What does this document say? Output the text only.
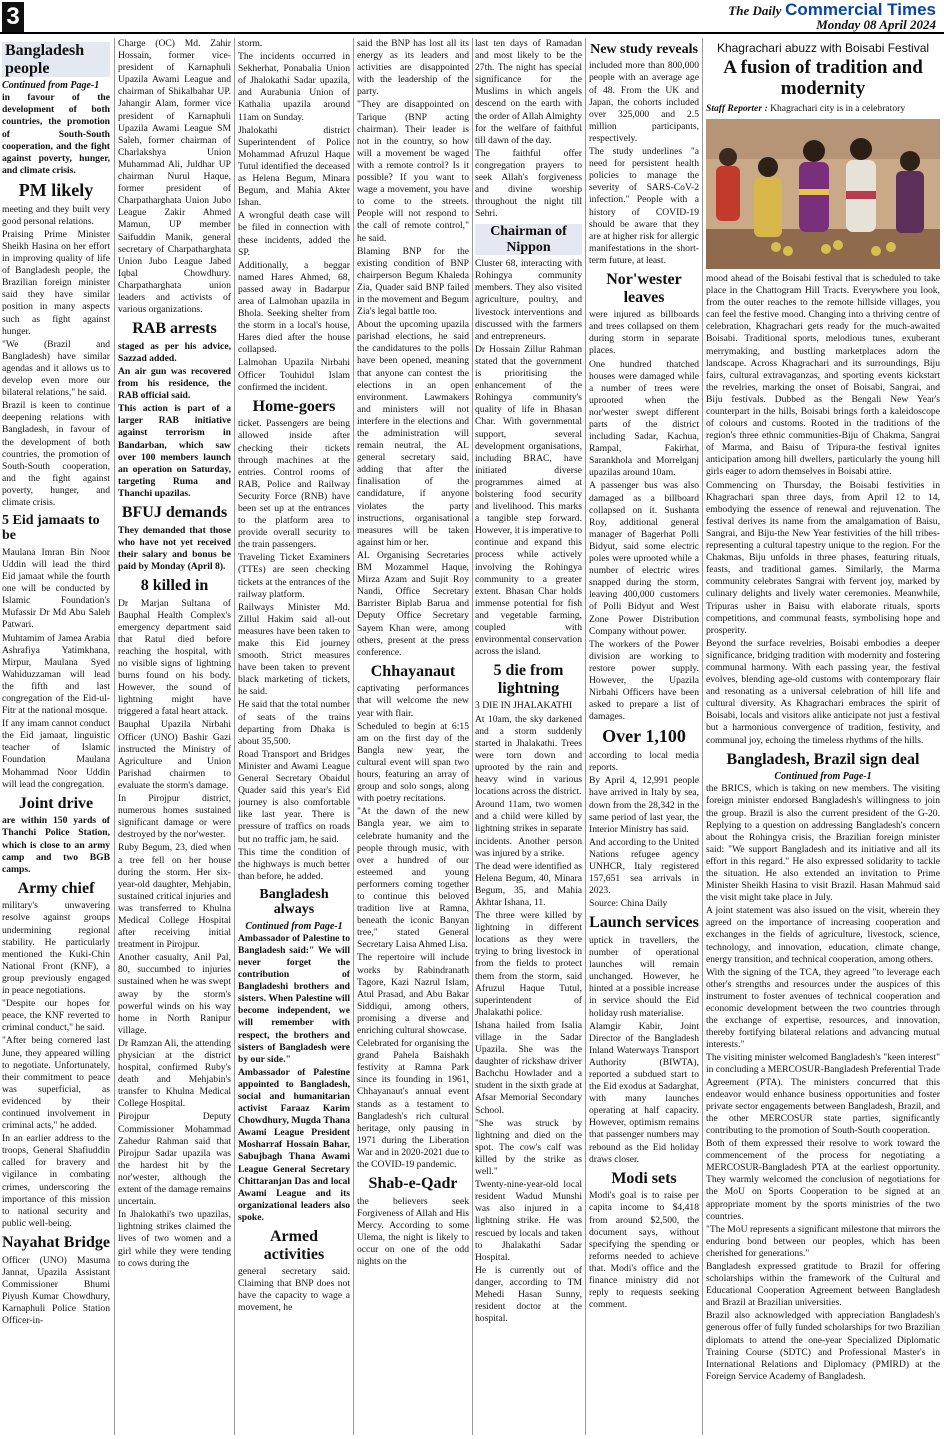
3	The Daily Commercial Times
Monday 08 April 2024
Bangladesh people
Continued from Page-1

in favour of the development of both countries, the promotion of South-South cooperation, and the fight against poverty, hunger, and climate crisis.

PM likely

meeting and they built very good personal relations.

Praising Prime Minister Sheikh Hasina on her effort in improving quality of life of Bangladesh people, the Brazilian foreign minister said they have similar position in many aspects such as fight against hunger.

"We (Brazil and Bangladesh) have similar agendas and it allows us to develop even more our bilateral relations," he said.

Brazil is keen to continue deepening relations with Bangladesh, in favour of the development of both countries, the promotion of South-South cooperation, and the fight against poverty, hunger, and climate crisis.

5 Eid jamaats to be

Maulana Imran Bin Noor Uddin will lead the third Eid jamaat while the fourth one will be conducted by Islamic Foundation's Mufassir Dr Md Abu Saleh Patwari.

Muhtamim of Jamea Arabia Ashrafiya Yatimkhana, Mirpur, Maulana Syed Wahiduzzaman will lead the fifth and last congregation of the Eid-ul-Fitr at the national mosque.

If any imam cannot conduct the Eid jamaat, linguistic teacher of Islamic Foundation Maulana Mohammad Noor Uddin will lead the congregation.

Joint drive

are within 150 yards of Thanchi Police Station, which is close to an army camp and two BGB camps.

Army chief

military's unwavering resolve against groups undermining regional stability. He particularly mentioned the Kuki-Chin National Front (KNF), a group previously engaged in peace negotiations.

"Despite our hopes for peace, the KNF reverted to criminal conduct," he said.

"After being cornered last June, they appeared willing to negotiate. Unfortunately, their commitment to peace was superficial, as evidenced by their continued involvement in criminal acts," he added.

In an earlier address to the troops, General Shafiuddin called for bravery and vigilance in combating crimes, underscoring the importance of this mission to national security and public well-being.

Nayahat Bridge

Officer (UNO) Masuma Jannat, Upazila Assistant Commissioner Bhumi Piyush Kumar Chowdhury, Karnaphuli Police Station Officer-in-

Charge (OC) Md. Zahir Hossain, former vice-president of Karnaphuli Upazila Awami League and chairman of Shikalbahar UP. Jahangir Alam, former vice president of Karnaphuli Upazila Awami League SM Saleh, former chairman of Charlakshya Union Muhammad Ali, Juldhar UP chairman Nurul Haque, former president of Charpatharghata Union Jubo League Zakir Ahmed Mamun, UP member Saifuddin Manik, general secretary of Charpatharghata Union Jubo League Jabed Iqbal Chowdhury. Charpatharghata union leaders and activists of various organizations.

RAB arrests

staged as per his advice, Sazzad added.

An air gun was recovered from his residence, the RAB official said.

This action is part of a larger RAB initiative against terrorism in Bandarban, which saw over 100 members launch an operation on Saturday, targeting Ruma and Thanchi upazilas.

BFUJ demands

They demanded that those who have not yet received their salary and bonus be paid by Monday (April 8).

8 killed in

Dr Marjan Sultana of Bauphal Health Complex's emergency department said that Ratul died before reaching the hospital, with no visible signs of lightning burns found on his body. However, the sound of lightning might have triggered a fatal heart attack.

Bauphal Upazila Nirbahi Officer (UNO) Bashir Gazi instructed the Ministry of Agriculture and Union Parishad chairmen to evaluate the storm's damage.

In Pirojpur district, numerous homes sustained significant damage or were destroyed by the nor'wester.

Ruby Begum, 23, died when a tree fell on her house during the storm. Her six-year-old daughter, Mehjabin, sustained critical injuries and was transferred to Khulna Medical College Hospital after receiving initial treatment in Pirojpur.

Another casualty, Anil Pal, 80, succumbed to injuries sustained when he was swept away by the storm's powerful winds on his way home in North Ranipur village.

Dr Ramzan Ali, the attending physician at the district hospital, confirmed Ruby's death and Mehjabin's transfer to Khulna Medical College Hospital.

Pirojpur Deputy Commissioner Mohammad Zahedur Rahman said that Pirojpur Sadar upazila was the hardest hit by the nor'wester, although the extent of the damage remains uncertain.

In Jhalokathi's two upazilas, lightning strikes claimed the lives of two women and a girl while they were tending to cows during the

storm.

The incidents occurred in Sekherhat, Ponabalia Union of Jhalokathi Sadar upazila, and Aurabunia Union of Kathalia upazila around 11am on Sunday.

Jhalokathi district Superintendent of Police Mohammad Afruzul Haque Tutul identified the deceased as Helena Begum, Minara Begum, and Mahia Akter Ishan.

A wrongful death case will be filed in connection with these incidents, added the SP.

Additionally, a beggar named Hares Ahmed, 68, passed away in Badarpur area of Lalmohan upazila in Bhola. Seeking shelter from the storm in a local's house, Hares died after the house collapsed.

Lalmohan Upazila Nirbahi Officer Touhidul Islam confirmed the incident.

Home-goers

ticket. Passengers are being allowed inside after checking their tickets through machines at the entries. Control rooms of RAB, Police and Railway Security Force (RNB) have been set up at the entrances to the platform area to provide overall security to the train passengers.

Traveling Ticket Examiners (TTEs) are seen checking tickets at the entrances of the railway platform.

Railways Minister Md. Zillul Hakim said all-out measures have been taken to make this Eid journey smooth. Strict measures have been taken to prevent black marketing of tickets, he said.

He said that the total number of seats of the trains departing from Dhaka is about 35,500.

Road Transport and Bridges Minister and Awami League General Secretary Obaidul Quader said this year's Eid journey is also comfortable like last year. There is pressure of traffics on roads but no traffic jam, he said.

This time the condition of the highways is much better than before, he added.

Bangladesh always
Continued from Page-1

Ambassador of Palestine to Bangladesh said:" We will never forget the contribution of Bangladeshi brothers and sisters. When Palestine will become independent, we will remember with respect, the brothers and sisters of Bangladesh were by our side."

Ambassador of Palestine appointed to Bangladesh, social and humanitarian activist Faraaz Karim Chowdhury, Mugda Thana Awami League President Mosharraf Hossain Bahar, Sabujbagh Thana Awami League General Secretary Chittaranjan Das and local Awami League and its organizational leaders also spoke.

Armed activities

general secretary said. Claiming that BNP does not have the capacity to wage a movement, he

said the BNP has lost all its energy as its leaders and activities are disappointed with the leadership of the party.

"They are disappointed on Tarique (BNP acting chairman). Their leader is not in the country, so how will a movement be waged with a remote control? Is it possible? If you want to wage a movement, you have to come to the streets. People will not respond to the call of remote control," he said.

Blaming BNP for the existing condition of BNP chairperson Begum Khaleda Zia, Quader said BNP failed in the movement and Begum Zia's legal battle too.

About the upcoming upazila parishad elections, he said the candidatures to the polls have been opened, meaning that anyone can contest the elections in an open environment. Lawmakers and ministers will not interfere in the elections and the administration will remain neutral, the AL general secretary said, adding that after the finalisation of the candidature, if anyone violates the party instructions, organisational measures will be taken against him or her.

AL Organising Secretaries BM Mozammel Haque, Mirza Azam and Sujit Roy Nandi, Office Secretary Barrister Biplab Barua and Deputy Office Secretary Sayem Khan were, among others, present at the press conference.

Chhayanaut

captivating performances that will welcome the new year with flair.

Scheduled to begin at 6:15 am on the first day of the Bangla new year, the cultural event will span two hours, featuring an array of group and solo songs, along with poetry recitations.

"At the dawn of the new Bangla year, we aim to celebrate humanity and the people through music, with over a hundred of our esteemed and young performers coming together to continue this beloved tradition live at Ramna, beneath the iconic Banyan tree," stated General Secretary Laisa Ahmed Lisa.

The repertoire will include works by Rabindranath Tagore, Kazi Nazrul Islam, Atul Prasad, and Abu Bakar Siddiqui, among others, promising a diverse and enriching cultural showcase.

Celebrated for organising the grand Pahela Baishakh festivity at Ramna Park since its founding in 1961, Chhayanaut's annual event stands as a testament to Bangladesh's rich cultural heritage, only pausing in 1971 during the Liberation War and in 2020-2021 due to the COVID-19 pandemic.

Shab-e-Qadr

the believers seek Forgiveness of Allah and His Mercy. According to some Ulema, the night is likely to occur on one of the odd nights on the

last ten days of Ramadan and most likely to be the 27th. The night has special significance for the Muslims in which angels descend on the earth with the order of Allah Almighty for the welfare of faithful till dawn of the day.

The faithful offer congregation prayers to seek Allah's forgiveness and divine worship throughout the night till Sehri.

Chairman of Nippon

Cluster 68, interacting with Rohingya community members. They also visited agriculture, poultry, and livestock interventions and discussed with the farmers and entrepreneurs.

Dr Hossain Zillur Rahman stated that the government is prioritising the enhancement of the Rohingya community's quality of life in Bhasan Char. With governmental support, several development organisations, including BRAC, have initiated diverse programmes aimed at bolstering food security and livelihood. This marks a tangible step forward. However, it is imperative to continue and expand this process while actively involving the Rohingya community to a greater extent. Bhasan Char holds immense potential for fish and vegetable farming, coupled with environmental conservation across the island.

5 die from lightning

3 DIE IN JHALAKATHI

At 10am, the sky darkened and a storm suddenly started in Jhalakathi. Trees were torn down and uprooted by the rain and heavy wind in various locations across the district.

Around 11am, two women and a child were killed by lightning strikes in separate incidents. Another person was injured by a strike.

The dead were identified as Helena Begum, 40, Minara Begum, 35, and Mahia Akhtar Ishana, 11.

The three were killed by lightning in different locations as they were trying to bring livestock in from the fields to protect them from the storm, said Afruzul Haque Tutul, superintendent of Jhalakathi police.

Ishana hailed from Isalia village in the Sadar Upazila. She was the daughter of rickshaw driver Bachchu Howlader and a student in the sixth grade at Afsar Memorial Secondary School.

"She was struck by lightning and died on the spot. The cow's calf was killed by the strike as well."

Twenty-nine-year-old local resident Wadud Munshi was also injured in a lightning strike. He was rescued by locals and taken to Jhalakathi Sadar Hospital.

He is currently out of danger, according to TM Mehedi Hasan Sunny, resident doctor at the hospital.

New study reveals

included more than 800,000 people with an average age of 48. From the UK and Japan, the cohorts included over 325,000 and 2.5 million participants, respectively.

The study underlines "a need for persistent health policies to manage the severity of SARS-CoV-2 infection." People with a history of COVID-19 should be aware that they are at higher risk for allergic manifestations in the short-term future, at least.

Nor'wester leaves

were injured as billboards and trees collapsed on them during storm in separate places.

One hundred thatched houses were damaged while a number of trees were uprooted when the nor'wester swept different parts of the district including Sadar, Kachua, Rampal, Fakirhat, Sarankhola and Morrelganj upazilas around 10am.

A passenger bus was also damaged as a billboard collapsed on it. Sushanta Roy, additional general manager of Bagerhat Polli Bidyut, said some electric poles were uprooted while a number of electric wires snapped during the storm, leaving 400,000 customers of Polli Bidyut and West Zone Power Distribution Company without power.

The workers of the Power division are working to restore power supply. However, the Upazila Nirbahi Officers have been asked to prepare a list of damages.

Over 1,100

according to local media reports.

By April 4, 12,991 people have arrived in Italy by sea, down from the 28,342 in the same period of last year, the Interior Ministry has said.

And according to the United Nations refugee agency UNHCR, Italy registered 157,651 sea arrivals in 2023.

Source: China Daily

Launch services

uptick in travellers, the number of operational launches will remain unchanged. However, he hinted at a possible increase in service should the Eid holiday rush materialise.

Alamgir Kabir, Joint Director of the Bangladesh Inland Waterways Transport Authority (BIWTA), reported a subdued start to the Eid exodus at Sadarghat, with many launches operating at half capacity. However, optimism remains that passenger numbers may rebound as the Eid holiday draws closer.

Modi sets

Modi's goal is to raise per capita income to $4,418 from around $2,500, the document says, without specifying the spending or reforms needed to achieve that. Modi's office and the finance ministry did not reply to requests seeking comment.

Khagrachari abuzz with Boisabi Festival
A fusion of tradition and modernity

Staff Reporter : Khagrachari city is in a celebratory

mood ahead of the Boisabi festival that is scheduled to take place in the Chattogram Hill Tracts. Everywhere you look, from the outer reaches to the remote hillside villages, you can feel the festive mood. Changing into a thriving centre of celebration, Khagrachari gets ready for the much-awaited Boisabi. Traditional sports, melodious tunes, exuberant merrymaking, and bustling marketplaces adorn the landscape. Across Khagrachari and its surroundings, Biju fairs, cultural extravaganzas, and sporting events kickstart the revelries, marking the onset of Boisabi, Sangrai, and Biju festivals. Dubbed as the Bengali New Year's counterpart in the hills, Boisabi brings forth a kaleidoscope of colours and customs. Rooted in the traditions of the region's three ethnic communities-Biju of Chakma, Sangrai of Marma, and Baisu of Tripura-the festival ignites anticipation among hill dwellers, particularly the young hill girls eager to adorn themselves in Boisabi attire.

Commencing on Thursday, the Boisabi festivities in Khagrachari span three days, from April 12 to 14, embodying the essence of renewal and rejuvenation. The festival derives its name from the amalgamation of Baisu, Sangrai, and Biju-the New Year festivities of the hill tribes-representing a cultural tapestry unique to the region. For the Chakmas, Biju unfolds in three phases, featuring rituals, feasts, and traditional games. Similarly, the Marma community celebrates Sangrai with fervent joy, marked by culinary delights and lively water ceremonies. Meanwhile, Tripuras usher in Baisu with elaborate rituals, sports competitions, and communal feasts, symbolising hope and prosperity.

Beyond the surface revelries, Boisabi embodies a deeper significance, bridging tradition with modernity and fostering communal harmony. With each passing year, the festival evolves, blending age-old customs with contemporary flair and resonating as a universal celebration of hill life and cultural diversity. As Khagrachari embraces the spirit of Boisabi, locals and visitors alike anticipate not just a festival but a harmonious convergence of tradition, festivity, and communal joy, echoing the timeless rhythms of the hills.

Bangladesh, Brazil sign deal
Continued from Page-1

the BRICS, which is taking on new members. The visiting foreign minister endorsed Bangladesh's willingness to join the group. Brazil is also the current president of the G-20. Replying to a question on addressing Bangladesh's concern about the Rohingya crisis, the Brazilian foreign minister said: "We support Bangladesh and its initiative and all its effort in this regard." He also expressed solidarity to tackle the situation. He also extended an invitation to Prime Minister Sheikh Hasina to visit Brazil. Hasan Mahmud said the visit might take place in July.

A joint statement was also issued on the visit, wherein they agreed on the importance of increasing cooperation and exchanges in the fields of agriculture, livestock, science, technology, and innovation, education, climate change, energy transition, and technical cooperation, among others.

With the signing of the TCA, they agreed "to leverage each other's strengths and resources under the auspices of this instrument to foster avenues of technical cooperation and economic development between the two countries through the exchange of expertise, resources, and innovation, thereby fortifying bilateral relations and advancing mutual interests."

The visiting minister welcomed Bangladesh's "keen interest" in concluding a MERCOSUR-Bangladesh Preferential Trade Agreement (PTA). The ministers concurred that this endeavor would enhance business opportunities and foster private sector engagements between Bangladesh, Brazil, and the other MERCOSUR state parties, significantly contributing to the promotion of South-South cooperation.

Both of them expressed their resolve to work toward the commencement of the process for negotiating a MERCOSUR-Bangladesh PTA at the earliest opportunity. They warmly welcomed the conclusion of negotiations for the MoU on Sports Cooperation to be signed at an appropriate moment by the sports ministries of the two countries.

"The MoU represents a significant milestone that mirrors the enduring bond between our peoples, which has been cherished for generations."

Bangladesh expressed gratitude to Brazil for offering scholarships within the framework of the Cultural and Educational Cooperation Agreement between Bangladesh and Brazil at Brazilian universities.

Brazil also acknowledged with appreciation Bangladesh's generous offer of fully funded scholarships for two Brazilian diplomats to attend the one-year Specialized Diplomatic Training Course (SDTC) and Professional Master's in International Relations and Diplomacy (PMIRD) at the Foreign Service Academy of Bangladesh.
